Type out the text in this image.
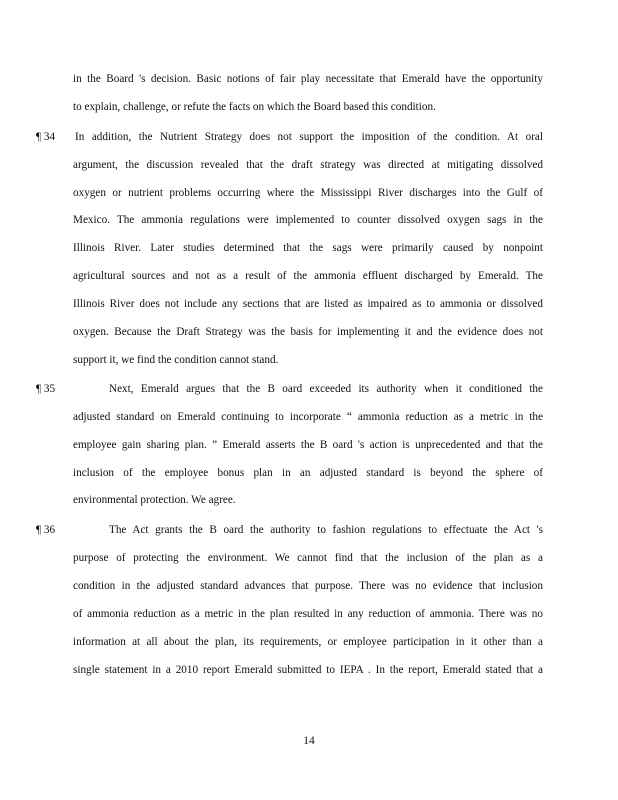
in the Board 's decision. Basic notions of fair play necessitate that Emerald have the opportunity
to explain, challenge, or refute the facts on which the Board based this condition.
¶ 34 In addition, the Nutrient Strategy does not support the imposition of the condition. At oral
argument, the discussion revealed that the draft strategy was directed at mitigating dissolved
oxygen or nutrient problems occurring where the Mississippi River discharges into the Gulf of
Mexico. The ammonia regulations were implemented to counter dissolved oxygen sags in the
Illinois River. Later studies determined that the sags were primarily caused by nonpoint
agricultural sources and not as a result of the ammonia effluent discharged by Emerald. The
Illinois River does not include any sections that are listed as impaired as to ammonia or dissolved
oxygen. Because the Draft Strategy was the basis for implementing it and the evidence does not
support it, we find the condition cannot stand.
¶ 35	Next, Emerald argues that the B oard exceeded its authority when it conditioned the
adjusted standard on Emerald continuing to incorporate “ ammonia reduction as a metric in the
employee gain sharing plan. ” Emerald asserts the B oard 's action is unprecedented and that the
inclusion of the employee bonus plan in an adjusted standard is beyond the sphere of
environmental protection. We agree.
¶ 36	The Act grants the B oard the authority to fashion regulations to effectuate the Act 's
purpose of protecting the environment. We cannot find that the inclusion of the plan as a
condition in the adjusted standard advances that purpose. There was no evidence that inclusion
of ammonia reduction as a metric in the plan resulted in any reduction of ammonia. There was no
information at all about the plan, its requirements, or employee participation in it other than a
single statement in a 2010 report Emerald submitted to IEPA . In the report, Emerald stated that a
14
